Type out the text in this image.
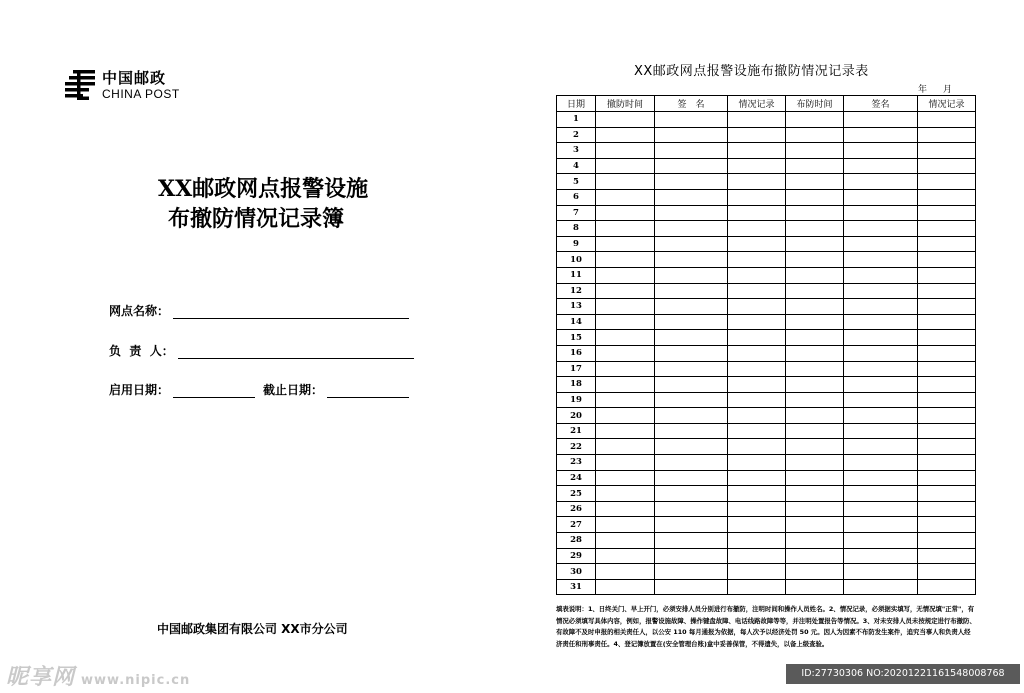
中国邮政
CHINA POST
XX邮政网点报警设施
布撤防情况记录簿
网点名称：
负  责  人：
启用日期：	截止日期：
中国邮政集团有限公司 XX市分公司
XX邮政网点报警设施布撤防情况记录表
年 月
日期	撤防时间	签　名	情况记录	布防时间	签名	情况记录
1						
2						
3						
4						
5						
6						
7						
8						
9						
10						
11						
12						
13						
14						
15						
16						
17						
18						
19						
20						
21						
22						
23						
24						
25						
26						
27						
28						
29						
30						
31						
填表说明：1、日终关门、早上开门，必须安排人员分别进行布撤防，注明时间和操作人员姓名。2、情况记录，必须据实填写，无情况填"正常"，有情况必须填写具体内容，例如，报警设施故障、操作键盘故障、电话线路故障等等，并注明处置报告等情况。3、对未安排人员未按规定进行布撤防、有故障不及时申报的相关责任人，以公安 110 每月通报为依据，每人次予以经济处罚 50 元。因人为因素不布防发生案件，追究当事人和负责人经济责任和刑事责任。4、登记簿放置在(安全管理台账)盒中妥善保管，不得遗失，以备上级查验。
昵享网 www.nipic.cn	ID:27730306 NO:20201221161548008768
